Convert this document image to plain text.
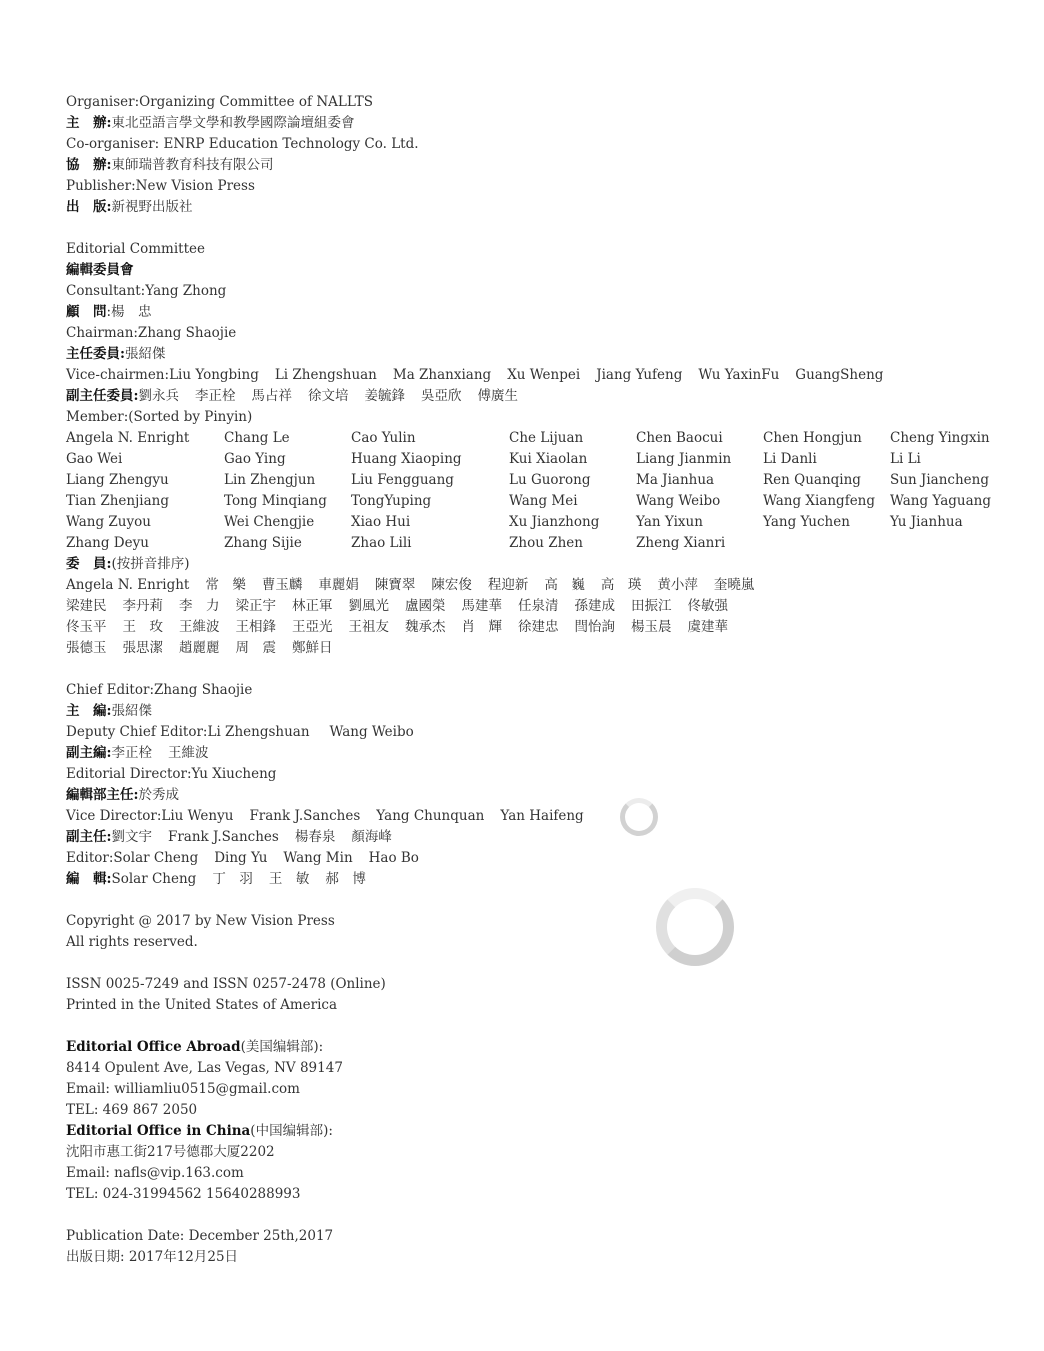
Organiser:Organizing Committee of NALLTS
主　辦:東北亞語言學文學和教學國際論壇組委會
Co-organiser: ENRP Education Technology Co. Ltd.
協　辦:東師瑞普教育科技有限公司
Publisher:New Vision Press
出　版:新視野出版社
Editorial Committee
編輯委員會
Consultant:Yang Zhong
顧　問:楊　忠
Chairman:Zhang Shaojie
主任委員:張紹傑
Vice-chairmen:Liu Yongbing Li Zhengshuan Ma Zhanxiang Xu Wenpei Jiang Yufeng Wu YaxinFu GuangSheng
副主任委員:劉永兵 李正栓 馬占祥 徐文培 姜毓鋒 吳亞欣 傅廣生
Member:(Sorted by Pinyin)
Angela N. Enright	Chang Le	Cao Yulin	Che Lijuan	Chen Baocui	Chen Hongjun	Cheng Yingxin
Gao Wei	Gao Ying	Huang Xiaoping	Kui Xiaolan	Liang Jianmin	Li Danli	Li Li
Liang Zhengyu	Lin Zhengjun	Liu Fengguang	Lu Guorong	Ma Jianhua	Ren Quanqing	Sun Jiancheng
Tian Zhenjiang	Tong Minqiang	TongYuping	Wang Mei	Wang Weibo	Wang Xiangfeng	Wang Yaguang
Wang Zuyou	Wei Chengjie	Xiao Hui	Xu Jianzhong	Yan Yixun	Yang Yuchen	Yu Jianhua
Zhang Deyu	Zhang Sijie	Zhao Lili	Zhou Zhen	Zheng Xianri
委　員:(按拼音排序)
Angela N. Enright 常　樂 曹玉麟 車麗娟 陳寶翠 陳宏俊 程迎新 高　巍 高　瑛 黄小萍 奎曉嵐
梁建民 李丹莉 李　力 梁正宇 林正軍 劉風光 盧國榮 馬建華 任泉清 孫建成 田振江 佟敏强
佟玉平 王　玫 王維波 王相鋒 王亞光 王祖友 魏承杰 肖　輝 徐建忠 閆怡詢 楊玉晨 虞建華
張德玉 張思潔 趙麗麗 周　震 鄭鮮日
Chief Editor:Zhang Shaojie
主　編:張紹傑
Deputy Chief Editor:Li Zhengshuan Wang Weibo
副主編:李正栓 王維波
Editorial Director:Yu Xiucheng
編輯部主任:於秀成
Vice Director:Liu Wenyu Frank J.Sanches Yang Chunquan Yan Haifeng
副主任:劉文宇 Frank J.Sanches 楊春泉 顏海峰
Editor:Solar Cheng Ding Yu Wang Min Hao Bo
編　輯:Solar Cheng 丁　羽 王　敏 郝　博
Copyright @ 2017 by New Vision Press
All rights reserved.
ISSN 0025-7249 and ISSN 0257-2478 (Online)
Printed in the United States of America
Editorial Office Abroad(美国编辑部):
8414 Opulent Ave, Las Vegas, NV 89147
Email: williamliu0515@gmail.com
TEL: 469 867 2050
Editorial Office in China(中国编辑部):
沈阳市惠工街217号德郡大厦2202
Email: nafls@vip.163.com
TEL: 024-31994562 15640288993
Publication Date: December 25th,2017
出版日期: 2017年12月25日
